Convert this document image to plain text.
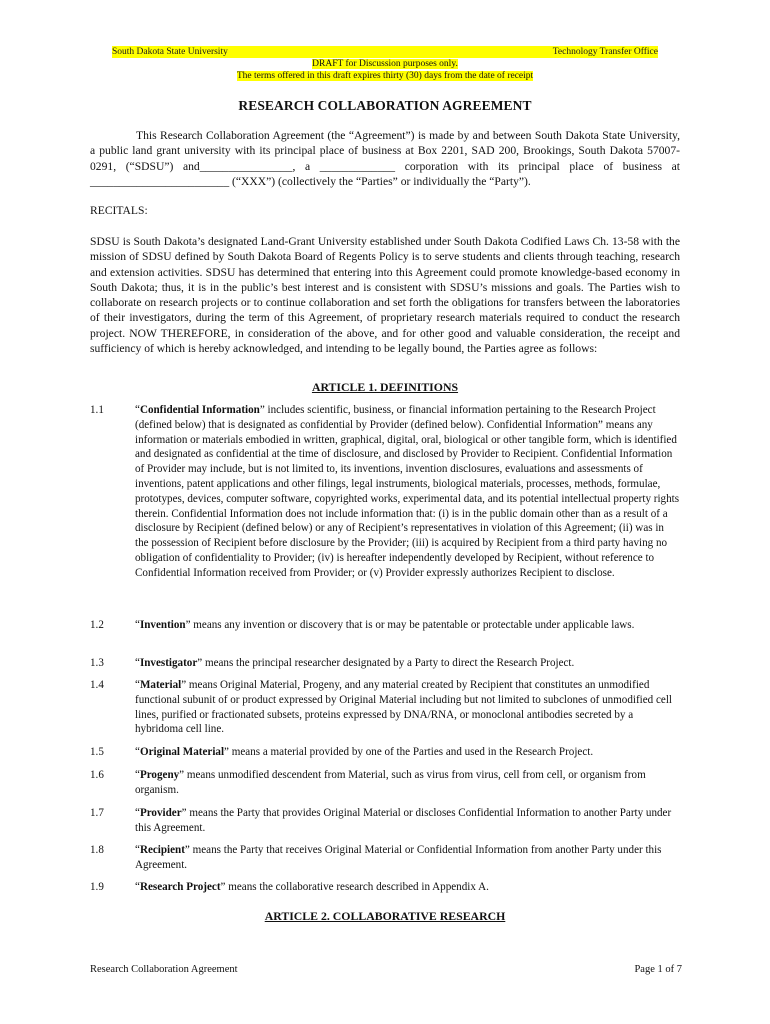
South Dakota State University	Technology Transfer Office
DRAFT for Discussion purposes only.
The terms offered in this draft expires thirty (30) days from the date of receipt
RESEARCH COLLABORATION AGREEMENT
This Research Collaboration Agreement (the “Agreement”) is made by and between South Dakota State University, a public land grant university with its principal place of business at Box 2201, SAD 200, Brookings, South Dakota 57007-0291, (“SDSU”) and________________, a _____________ corporation with its principal place of business at ________________________ (“XXX”) (collectively the “Parties” or individually the “Party”).
RECITALS:
SDSU is South Dakota’s designated Land-Grant University established under South Dakota Codified Laws Ch. 13-58 with the mission of SDSU defined by South Dakota Board of Regents Policy is to serve students and clients through teaching, research and extension activities. SDSU has determined that entering into this Agreement could promote knowledge-based economy in South Dakota; thus, it is in the public’s best interest and is consistent with SDSU’s missions and goals. The Parties wish to collaborate on research projects or to continue collaboration and set forth the obligations for transfers between the laboratories of their investigators, during the term of this Agreement, of proprietary research materials required to conduct the research project. NOW THEREFORE, in consideration of the above, and for other good and valuable consideration, the receipt and sufficiency of which is hereby acknowledged, and intending to be legally bound, the Parties agree as follows:
ARTICLE 1. DEFINITIONS
1.1	“Confidential Information” includes scientific, business, or financial information pertaining to the Research Project (defined below) that is designated as confidential by Provider (defined below). Confidential Information” means any information or materials embodied in written, graphical, digital, oral, biological or other tangible form, which is identified and designated as confidential at the time of disclosure, and disclosed by Provider to Recipient. Confidential Information of Provider may include, but is not limited to, its inventions, invention disclosures, evaluations and assessments of inventions, patent applications and other filings, legal instruments, biological materials, processes, methods, formulae, prototypes, devices, computer software, copyrighted works, experimental data, and its potential intellectual property rights therein. Confidential Information does not include information that: (i) is in the public domain other than as a result of a disclosure by Recipient (defined below) or any of Recipient’s representatives in violation of this Agreement; (ii) was in the possession of Recipient before disclosure by the Provider; (iii) is acquired by Recipient from a third party having no obligation of confidentiality to Provider; (iv) is hereafter independently developed by Recipient, without reference to Confidential Information received from Provider; or (v) Provider expressly authorizes Recipient to disclose.
1.2	“Invention” means any invention or discovery that is or may be patentable or protectable under applicable laws.
1.3	“Investigator” means the principal researcher designated by a Party to direct the Research Project.
1.4	“Material” means Original Material, Progeny, and any material created by Recipient that constitutes an unmodified functional subunit of or product expressed by Original Material including but not limited to subclones of unmodified cell lines, purified or fractionated subsets, proteins expressed by DNA/RNA, or monoclonal antibodies secreted by a hybridoma cell line.
1.5	“Original Material” means a material provided by one of the Parties and used in the Research Project.
1.6	“Progeny” means unmodified descendent from Material, such as virus from virus, cell from cell, or organism from organism.
1.7	“Provider” means the Party that provides Original Material or discloses Confidential Information to another Party under this Agreement.
1.8	“Recipient” means the Party that receives Original Material or Confidential Information from another Party under this Agreement.
1.9	“Research Project” means the collaborative research described in Appendix A.
ARTICLE 2. COLLABORATIVE RESEARCH
Research Collaboration Agreement	Page 1 of 7
